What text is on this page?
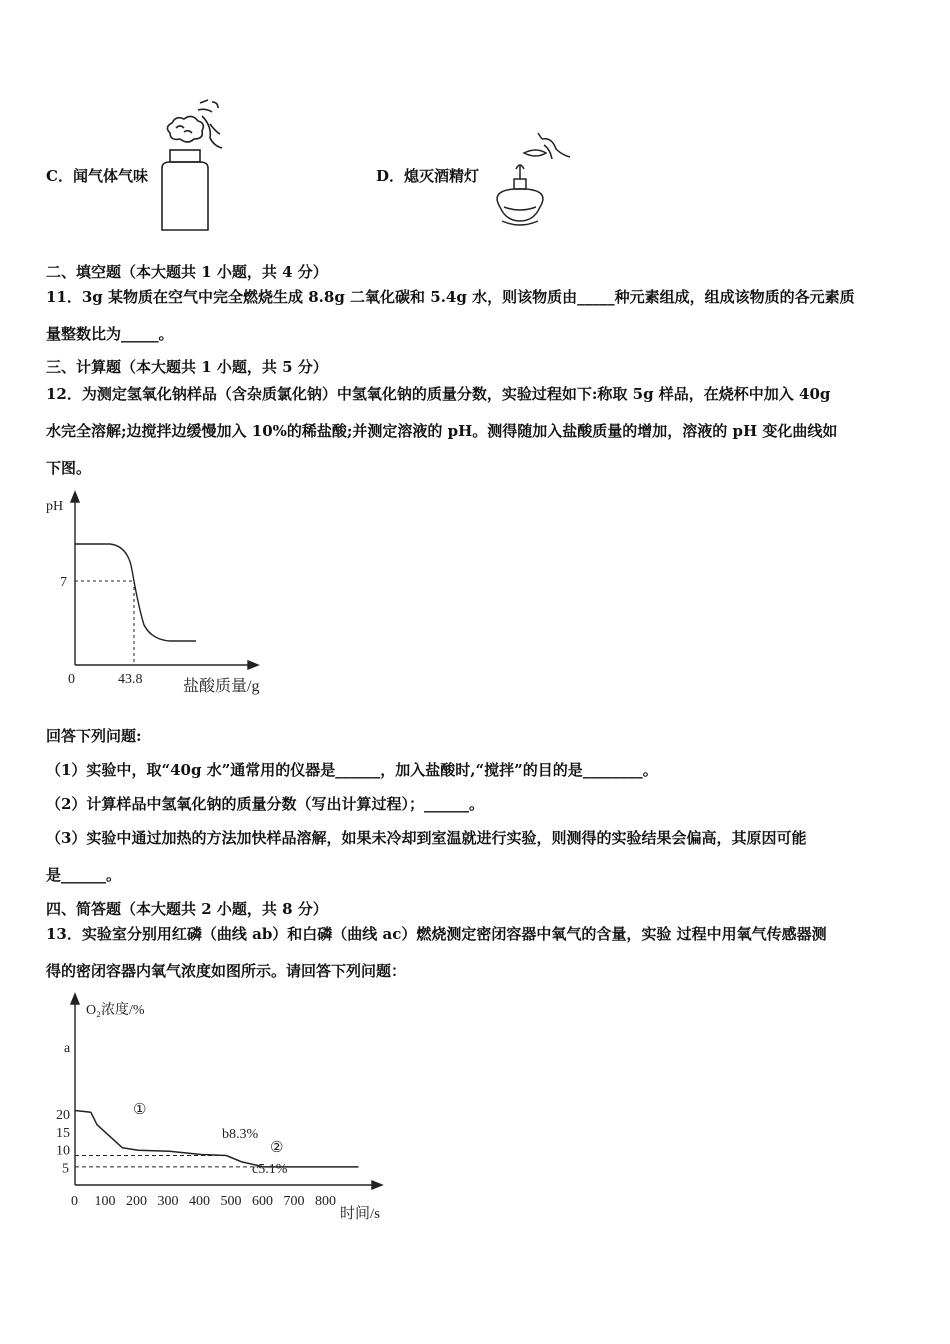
C．闻气体气味	D．熄灭酒精灯
二、填空题（本大题共 1 小题，共 4 分）
11．3g 某物质在空气中完全燃烧生成 8.8g 二氧化碳和 5.4g 水，则该物质由_____种元素组成，组成该物质的各元素质
量整数比为_____。
三、计算题（本大题共 1 小题，共 5 分）
12．为测定氢氧化钠样品（含杂质氯化钠）中氢氧化钠的质量分数，实验过程如下:称取 5g 样品，在烧杯中加入 40g
水完全溶解;边搅拌边缓慢加入 10%的稀盐酸;并测定溶液的 pH。测得随加入盐酸质量的增加，溶液的 pH 变化曲线如
下图。
pH
7
0	43.8	盐酸质量/g
回答下列问题:
（1）实验中，取“40g 水”通常用的仪器是______，加入盐酸时,“搅拌”的目的是________。
（2）计算样品中氢氧化钠的质量分数（写出计算过程）；______。
（3）实验中通过加热的方法加快样品溶解，如果未冷却到室温就进行实验，则测得的实验结果会偏高，其原因可能
是______。
四、简答题（本大题共 2 小题，共 8 分）
13．实验室分别用红磷（曲线 ab）和白磷（曲线 ac）燃烧测定密闭容器中氧气的含量，实验 过程中用氧气传感器测
得的密闭容器内氧气浓度如图所示。请回答下列问题：
0 100 200 300 400 500 600 700 800
5
10
15
20
O₂浓度/%
时间/s
a
b8.3%
c5.1%
①
②
